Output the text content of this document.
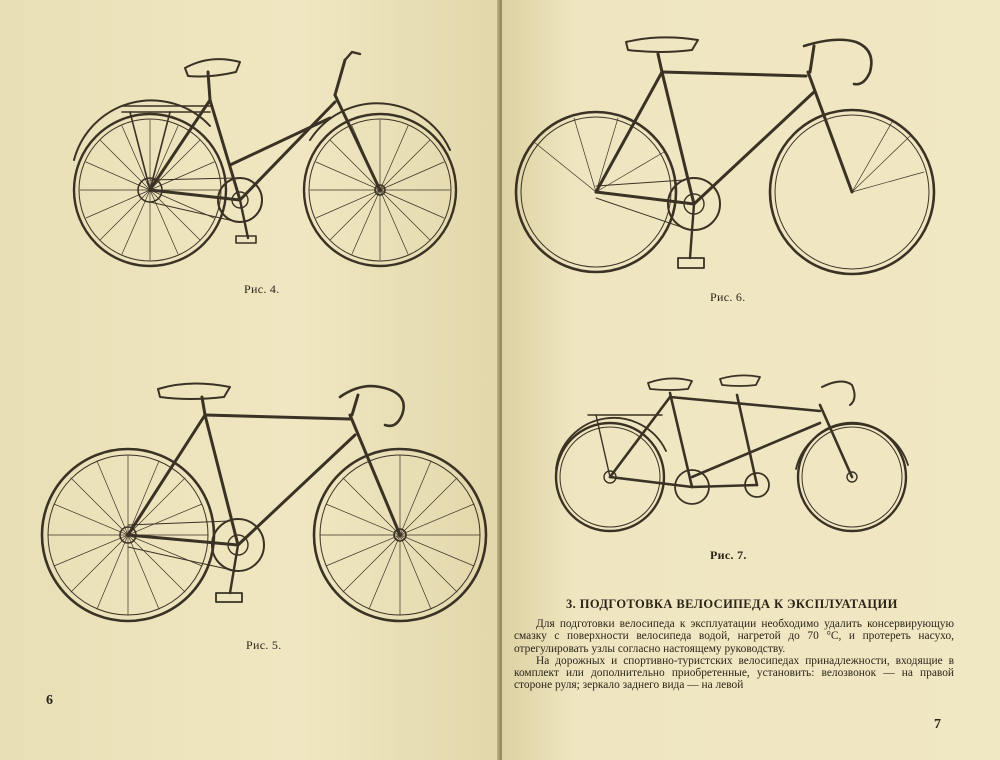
Рис. 4.
Рис. 5.
6
Рис. 6.
Рис. 7.
3. ПОДГОТОВКА ВЕЛОСИПЕДА К ЭКСПЛУАТАЦИИ

Для подготовки велосипеда к эксплуатации необходимо удалить консервирующую смазку с поверхности велосипеда водой, нагретой до 70 °С, и протереть насухо, отрегулировать узлы согласно настоящему руководству.

На дорожных и спортивно-туристских велосипедах принадлежности, входящие в комплект или дополнительно приобретенные, установить: велозвонок — на правой стороне руля; зеркало заднего вида — на левой

7
